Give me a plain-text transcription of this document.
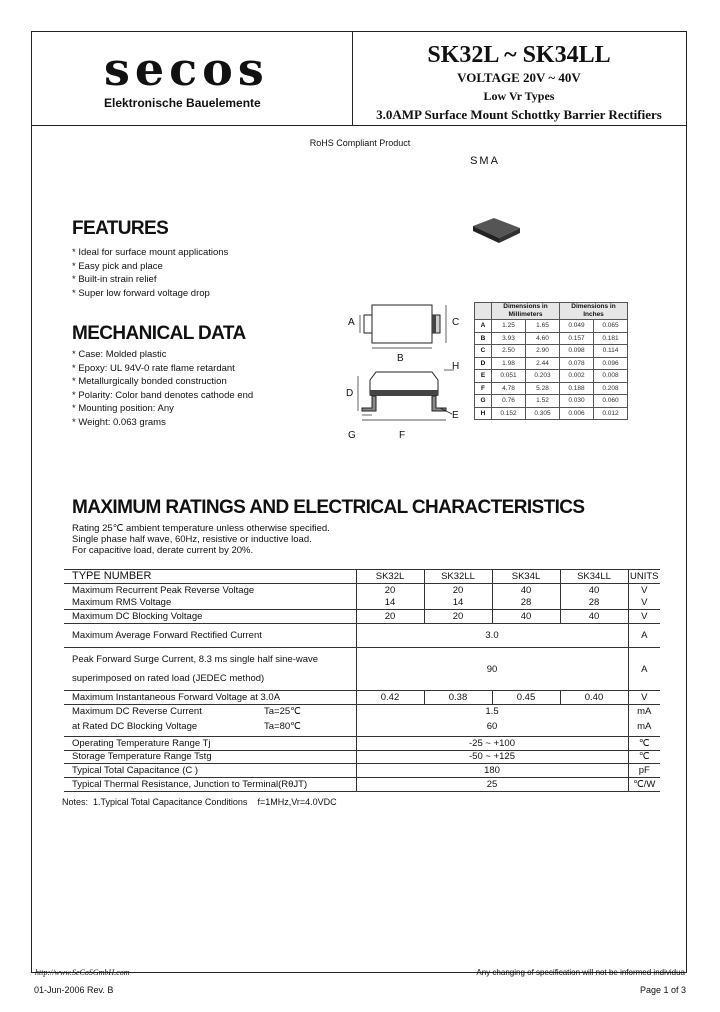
secos
Elektronische Bauelemente
SK32L ~ SK34LL
VOLTAGE 20V ~ 40V
Low Vr Types
3.0AMP Surface Mount Schottky Barrier Rectifiers
RoHS Compliant Product
SMA
FEATURES
* Ideal for surface mount applications
* Easy pick and place
* Built-in strain relief
* Super low forward voltage drop
MECHANICAL DATA
* Case: Molded plastic
* Epoxy: UL 94V-0 rate flame retardant
* Metallurgically bonded construction
* Polarity: Color band denotes cathode end
* Mounting position: Any
* Weight: 0.063 grams
A	C
B
H
D
E
G	F
	Dimensions in Millimeters		Dimensions in Inches	
A	1.25	1.65	0.049	0.065
B	3.93	4.60	0.157	0.181
C	2.50	2.90	0.098	0.114
D	1.98	2.44	0.078	0.096
E	0.051	0.203	0.002	0.008
F	4.78	5.28	0.188	0.208
G	0.76	1.52	0.030	0.060
H	0.152	0.305	0.006	0.012
MAXIMUM RATINGS AND ELECTRICAL CHARACTERISTICS
Rating 25℃ ambient temperature unless otherwise specified.
Single phase half wave, 60Hz, resistive or inductive load.
For capacitive load, derate current by 20%.
TYPE NUMBER	SK32L	SK32LL	SK34L	SK34LL	UNITS
Maximum Recurrent Peak Reverse Voltage	20	20	40	40	V
Maximum RMS Voltage	14	14	28	28	V
Maximum DC Blocking Voltage	20	20	40	40	V
Maximum Average Forward Rectified Current	3.0				A

Peak Forward Surge Current, 8.3 ms single half sine-wave
superimposed on rated load (JEDEC method)	90				A
Maximum Instantaneous Forward Voltage at 3.0A	0.42	0.38	0.45	0.40	V
Maximum DC Reverse Current Ta=25℃	1.5				mA
at Rated DC Blocking Voltage Ta=80℃	60				mA
Operating Temperature Range Tj	-25 ~ +100				℃
Storage Temperature Range Tstg	-50 ~ +125				℃
Typical Total Capacitance (C )	180				pF
Typical Thermal Resistance, Junction to Terminal(RθJT)	25				℃/W
Notes:  1.Typical Total Capacitance Conditions    f=1MHz,Vr=4.0VDC
http://www.SeCoSGmbH.com	Any changing of specification will not be informed individua
01-Jun-2006 Rev. B	Page 1 of 3
